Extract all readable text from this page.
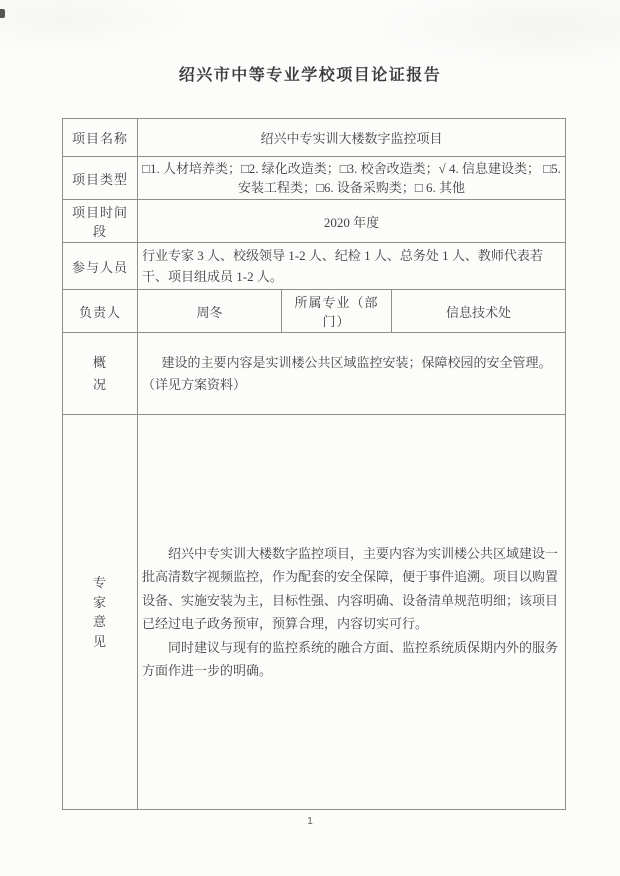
绍兴市中等专业学校项目论证报告
项目名称	绍兴中专实训大楼数字监控项目		
项目类型	□1. 人材培养类；□2. 绿化改造类；□3. 校舍改造类；√ 4. 信息建设类； □5. 安装工程类；□6. 设备采购类；□ 6. 其他		
项目时间段	2020 年度		
参与人员	行业专家 3 人、校级领导 1-2 人、纪检 1 人、总务处 1 人、教师代表若干、项目组成员 1-2 人。		
负责人	周冬	所属专业（部门）	信息技术处

概况	建设的主要内容是实训楼公共区域监控安装；保障校园的安全管理。（详见方案资料）		

专家意见	绍兴中专实训大楼数字监控项目，主要内容为实训楼公共区域建设一批高清数字视频监控，作为配套的安全保障，便于事件追溯。项目以购置设备、实施安装为主，目标性强、内容明确、设备清单规范明细；该项目已经过电子政务预审，预算合理，内容切实可行。

同时建议与现有的监控系统的融合方面、监控系统质保期内外的服务方面作进一步的明确。		

1
